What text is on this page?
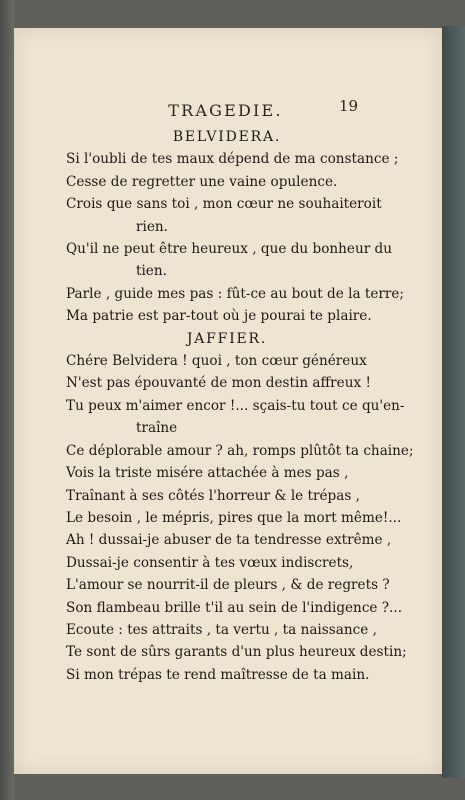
TRAGEDIE.	19
BELVIDERA.
Si l'oubli de tes maux dépend de ma constance ;
Cesse de regretter une vaine opulence.
Crois que sans toi , mon cœur ne souhaiteroit
rien.
Qu'il ne peut être heureux , que du bonheur du
tien.
Parle , guide mes pas : fût-ce au bout de la terre;
Ma patrie est par-tout où je pourai te plaire.
JAFFIER.
Chére Belvidera ! quoi , ton cœur généreux
N'est pas épouvanté de mon destin affreux !
Tu peux m'aimer encor !... sçais-tu tout ce qu'en-
traîne
Ce déplorable amour ? ah, romps plûtôt ta chaine;
Vois la triste misére attachée à mes pas ,
Traînant à ses côtés l'horreur & le trépas ,
Le besoin , le mépris, pires que la mort même!...
Ah ! dussai-je abuser de ta tendresse extrême ,
Dussai-je consentir à tes vœux indiscrets,
L'amour se nourrit-il de pleurs , & de regrets ?
Son flambeau brille t'il au sein de l'indigence ?...
Ecoute : tes attraits , ta vertu , ta naissance ,
Te sont de sûrs garants d'un plus heureux destin;
Si mon trépas te rend maîtresse de ta main.
